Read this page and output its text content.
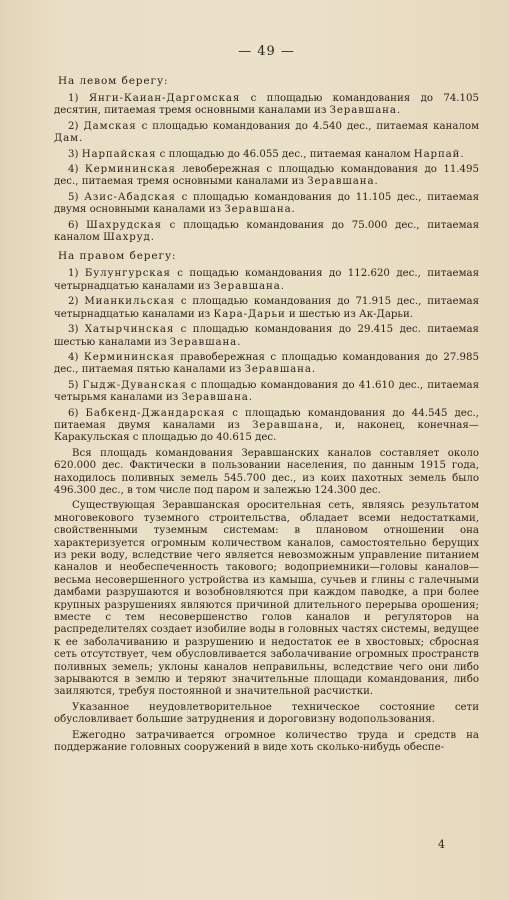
— 49 —
На левом берегу:

1) Янги-Каиан-Даргомская с площадью командования до 74.105 десятин, питаемая тремя основными каналами из Зеравшана.

2) Дамская с площадью командования до 4.540 дес., питаемая каналом Дам.

3) Нарпайская с площадью до 46.055 дес., питаемая каналом Нарпай.

4) Кермининская левобережная с площадью командования до 11.495 дес., питаемая тремя основными каналами из Зеравшана.

5) Азис-Абадская с площадью командования до 11.105 дес., питаемая двумя основными каналами из Зеравшана.

6) Шахрудская с площадью командования до 75.000 дес., питаемая каналом Шахруд.

На правом берегу:

1) Булунгурская с пощадью командования до 112.620 дес., питаемая четырнадцатью каналами из Зеравшана.

2) Мианкильская с площадью командования до 71.915 дес., питаемая четырнадцатью каналами из Кара-Дарьи и шестью из Ак-Дарьи.

3) Хатырчинская с площадью командования до 29.415 дес. питаемая шестью каналами из Зеравшана.

4) Кермининская правобережная с площадью командования до 27.985 дес., питаемая пятью каналами из Зеравшана.

5) Гыдж-Дуванская с площадью командования до 41.610 дес., питаемая четырьмя каналами из Зеравшана.

6) Бабкенд-Джандарская с площадью командования до 44.545 дес., питаемая двумя каналами из Зеравшана, и, наконец, конечная—Каракульская с площадью до 40.615 дес.

Вся площадь командования Зеравшанских каналов составляет около 620.000 дес. Фактически в пользовании населения, по данным 1915 года, находилось поливных земель 545.700 дес., из коих пахотных земель было 496.300 дес., в том числе под паром и залежью 124.300 дес.

Существующая Зеравшанская оросительная сеть, являясь результатом многовекового туземного строительства, обладает всеми недостатками, свойственными туземным системам: в плановом отношении она характеризуется огромным количеством каналов, самостоятельно берущих из реки воду, вследствие чего является невозможным управление питанием каналов и необеспеченность такового; водоприемники—головы каналов—весьма несовершенного устройства из камыша, сучьев и глины с галечными дамбами разрушаются и возобновляются при каждом паводке, а при более крупных разрушениях являются причиной длительного перерыва орошения; вместе с тем несовершенство голов каналов и регуляторов на распределителях создает изобилие воды в головных частях системы, ведущее к ее заболачиванию и разрушению и недостаток ее в хвостовых; сбросная сеть отсутствует, чем обусловливается заболачивание огромных пространств поливных земель; уклоны каналов неправильны, вследствие чего они либо зарываются в землю и теряют значительные площади командования, либо заиляются, требуя постоянной и значительной расчистки.

Указанное неудовлетворительное техническое состояние сети обусловливает большие затруднения и дороговизну водопользования.

Ежегодно затрачивается огромное количество труда и средств на поддержание головных сооружений в виде хоть сколько-нибудь обеспе-

4
